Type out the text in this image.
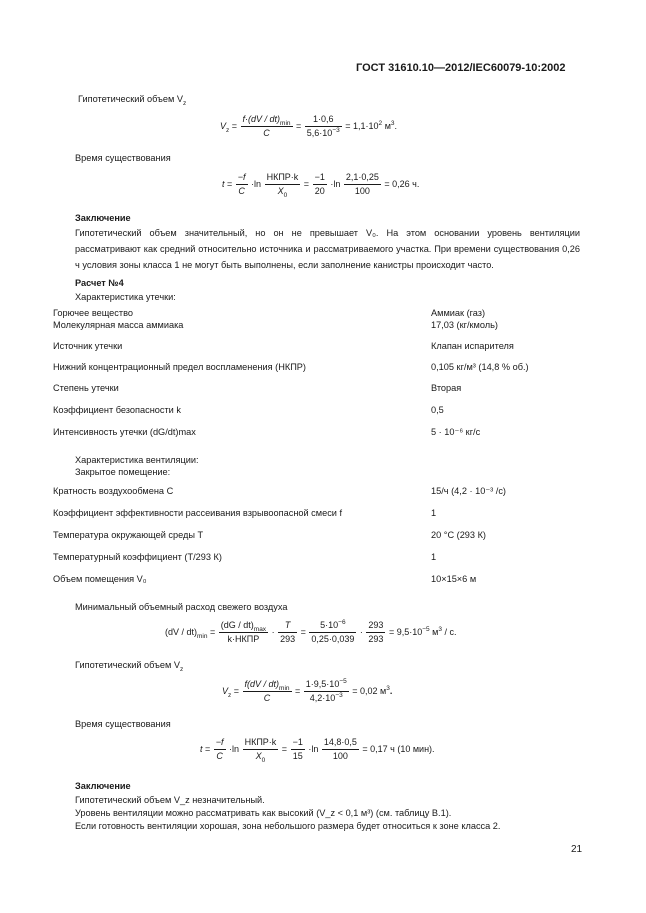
ГОСТ 31610.10—2012/IEC60079-10:2002
Гипотетический объем $V_z$
$V_z = \frac{f\cdot(dV / dt)_{min}}{C} = \frac{1\cdot 0,6}{5,6\cdot 10^{-3}} = 1,1\cdot 10^2$ $м^3$.
Время существования
$t = \frac{-f}{C} \cdot\ln \frac{\text{НКПР·k}}{X_0} = \frac{-1}{20} \cdot\ln \frac{2,1\cdot 0,25}{100} = 0,26$ ч.
Заключение
Гипотетический объем значительный, но он не превышает V₀. На этом основании уровень вентиляции рассматривают как средний относительно источника и рассматриваемого участка. При времени существования 0,26 ч условия зоны класса 1 не могут быть выполнены, если заполнение канистры происходит часто.
Расчет №4
Характеристика утечки:
Горючее вещество	Аммиак (газ)
Молекулярная масса аммиака	17,03 (кг/кмоль)
Источник утечки	Клапан испарителя
Нижний концентрационный предел воспламенения (НКПР)	0,105 кг/м³ (14,8 % об.)
Степень утечки	Вторая
Коэффициент безопасности k	0,5
Интенсивность утечки (dG/dt)max	5 · 10⁻⁶ кг/с
Характеристика вентиляции:
Закрытое помещение:
Кратность воздухообмена C	15/ч (4,2 · 10⁻³ /с)
Коэффициент эффективности рассеивания взрывоопасной смеси f	1
Температура окружающей среды T	20 °С (293 К)
Температурный коэффициент (T/293 К)	1
Объем помещения V₀	10×15×6 м
Минимальный объемный расход свежего воздуха
$(dV / dt)_{min} = \frac{(dG / dt)_{max}}{\text{k·НКПР}} \cdot \frac{T}{293} = \frac{5\cdot 10^{-6}}{0,25\cdot 0,039} \cdot \frac{293}{293} = 9,5\cdot 10^{-5}$ $м^3$ / с.
Гипотетический объем $V_z$
$V_z = \frac{f(dV / dt)_{min}}{C} = \frac{1\cdot 9,5\cdot 10^{-5}}{4,2\cdot 10^{-3}} = 0,02$ $м^3$.
Время существования
$t = \frac{-f}{C} \cdot\ln \frac{\text{НКПР·k}}{X_0} = \frac{-1}{15} \cdot\ln \frac{14,8\cdot 0,5}{100} = 0,17$ ч (10 мин).
Заключение
Гипотетический объем V_z незначительный.
Уровень вентиляции можно рассматривать как высокий (V_z < 0,1 м³) (см. таблицу В.1).
Если готовность вентиляции хорошая, зона небольшого размера будет относиться к зоне класса 2.
21
